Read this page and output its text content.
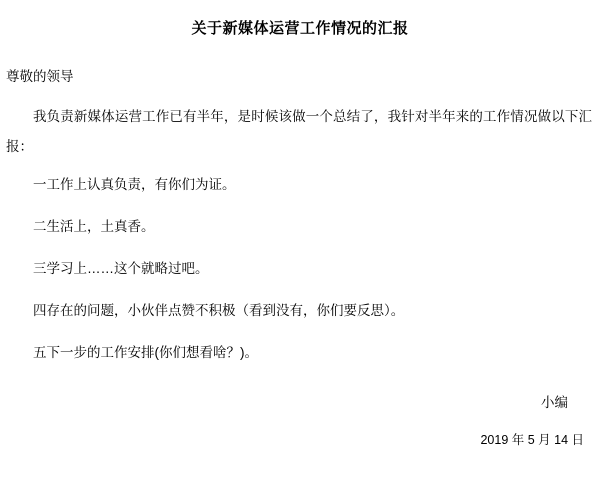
关于新媒体运营工作情况的汇报

尊敬的领导

我负责新媒体运营工作已有半年，是时候该做一个总结了，我针对半年来的工作情况做以下汇报：

一工作上认真负责，有你们为证。

二生活上，土真香。

三学习上……这个就略过吧。

四存在的问题，小伙伴点赞不积极（看到没有，你们要反思）。

五下一步的工作安排(你们想看啥？)。

小编

2019 年 5 月 14 日
